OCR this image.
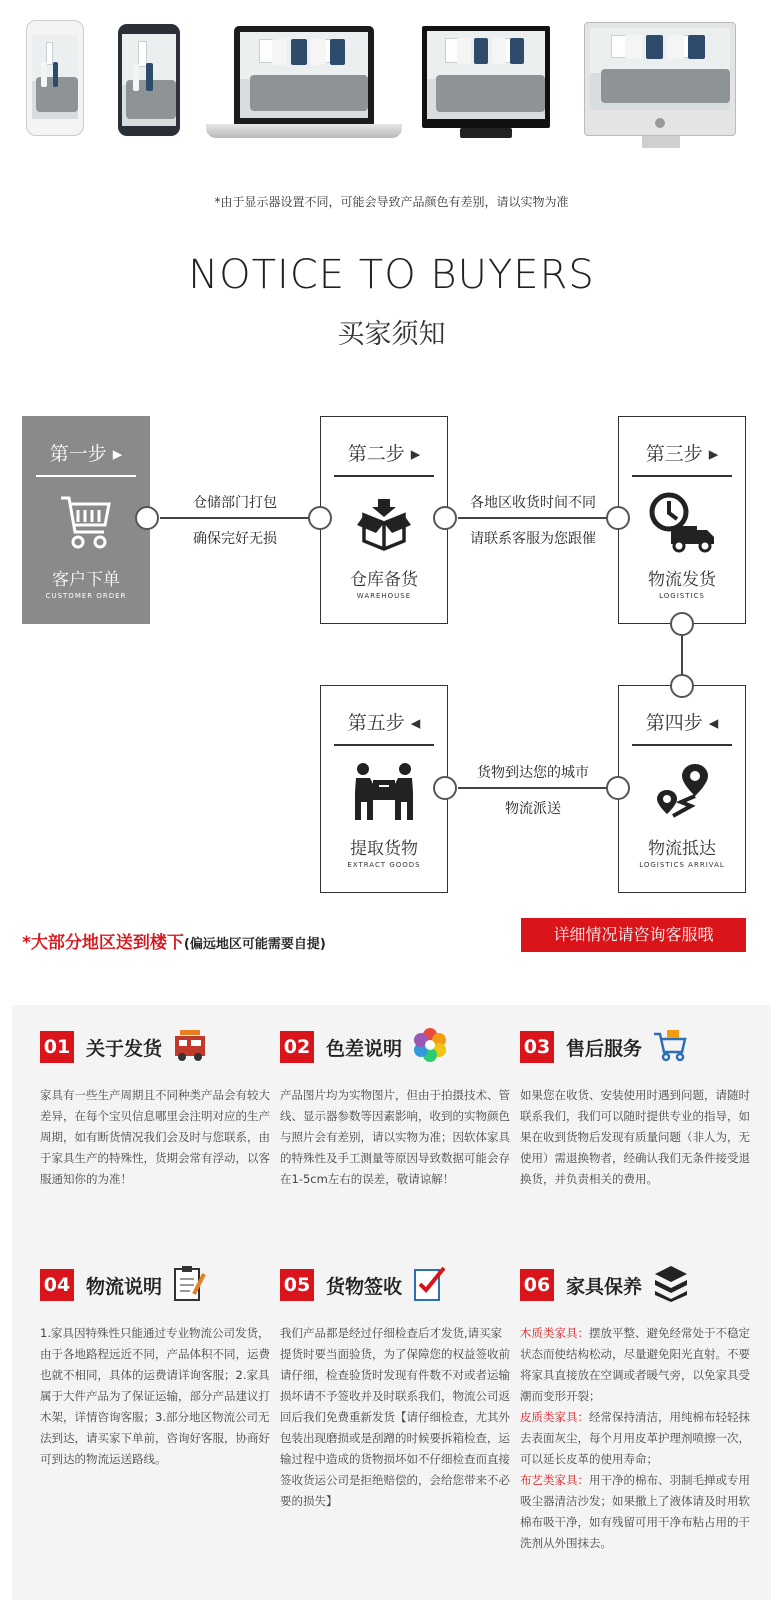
*由于显示器设置不同，可能会导致产品颜色有差别，请以实物为准
NOTICE TO BUYERS
买家须知
第一步 ▸
客户下单
CUSTOMER ORDER
第二步 ▸
仓库备货
WAREHOUSE
第三步 ▸
物流发货
LOGISTICS
第四步 ◂
物流抵达
LOGISTICS ARRIVAL
第五步 ◂
提取货物
EXTRACT GOODS
仓储部门打包
确保完好无损
各地区收货时间不同
请联系客服为您跟催
货物到达您的城市
物流派送
*大部分地区送到楼下(偏远地区可能需要自提)
详细情况请咨询客服哦
01 关于发货
家具有一些生产周期且不同种类产品会有较大差异，在每个宝贝信息哪里会注明对应的生产周期，如有断货情况我们会及时与您联系，由于家具生产的特殊性，货期会常有浮动，以客服通知你的为准！
02 色差说明
产品图片均为实物图片，但由于拍摄技术、管线、显示器参数等因素影响，收到的实物颜色与照片会有差别，请以实物为准；因软体家具的特殊性及手工测量等原因导致数据可能会存在1-5cm左右的误差，敬请谅解！
03 售后服务
如果您在收货、安装使用时遇到问题，请随时联系我们，我们可以随时提供专业的指导，如果在收到货物后发现有质量问题（非人为，无使用）需退换物者，经确认我们无条件接受退换货，并负责相关的费用。
04 物流说明
1.家具因特殊性只能通过专业物流公司发货，由于各地路程远近不同，产品体积不同，运费也就不相同，具体的运费请详询客服；2.家具属于大件产品为了保证运输，部分产品建议打木架，详情咨询客服；3.部分地区物流公司无法到达，请买家下单前，咨询好客服，协商好可到达的物流运送路线。
05 货物签收
我们产品都是经过仔细检查后才发货,请买家提货时要当面验货，为了保障您的权益签收前请仔细，检查验货时发现有件数不对或者运输损坏请不予签收并及时联系我们，物流公司返回后我们免费重新发货【请仔细检查，尤其外包装出现磨损或是刮蹭的时候要拆箱检查，运输过程中造成的货物损坏如不仔细检查而直接签收货运公司是拒绝赔偿的，会给您带来不必要的损失】
06 家具保养
木质类家具：摆放平整、避免经常处于不稳定状态而使结构松动，尽量避免阳光直射。不要将家具直接放在空调或者暖气旁，以免家具受潮而变形开裂；
皮质类家具：经常保持清洁，用纯棉布轻轻抹去表面灰尘，每个月用皮革护理剂喷擦一次，可以延长皮革的使用寿命；
布艺类家具：用干净的棉布、羽制毛掸或专用吸尘器清洁沙发；如果撒上了液体请及时用软棉布吸干净，如有残留可用干净布粘占用的干洗剂从外围抹去。
